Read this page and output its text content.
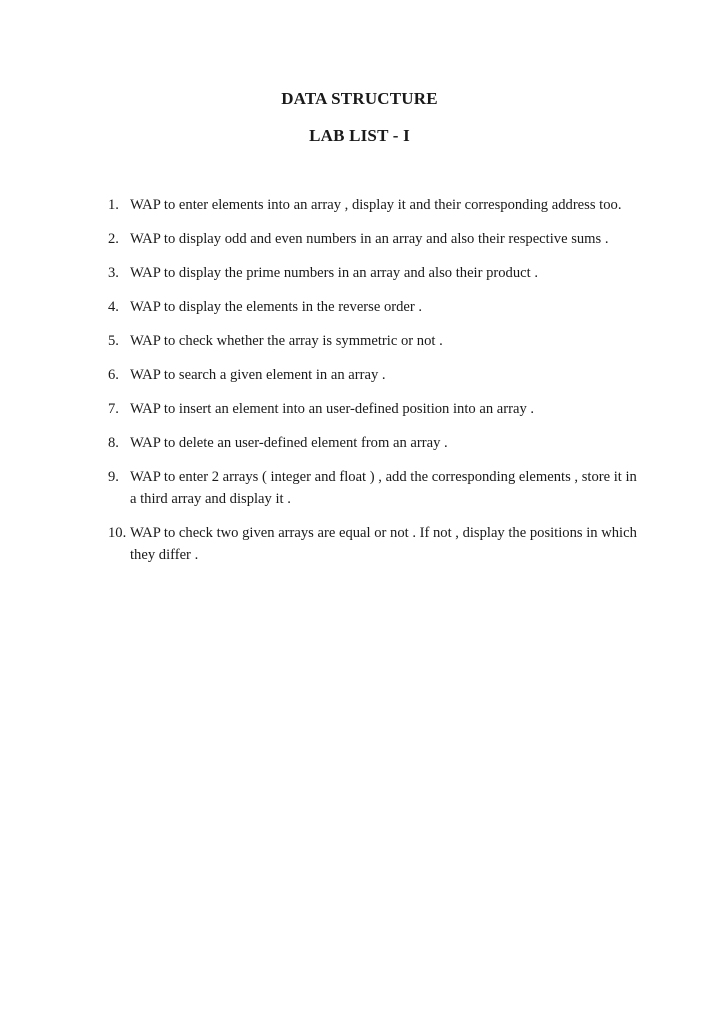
DATA STRUCTURE
LAB LIST - I
1. WAP to enter elements into an array , display it and their corresponding address too.
2. WAP to display odd and even numbers in an array and also their respective sums .
3. WAP to display the prime numbers in an array and also their product .
4. WAP to display the elements in the reverse order .
5. WAP to check whether the array is symmetric or not .
6. WAP to search a given element in an array .
7. WAP to insert an element into an user-defined position into an array .
8. WAP to delete an user-defined element from an array .
9. WAP to enter 2 arrays ( integer and float ) , add the corresponding elements , store it in a third array and display it .
10. WAP to check two given arrays are equal or not . If not , display the positions in which they differ .
